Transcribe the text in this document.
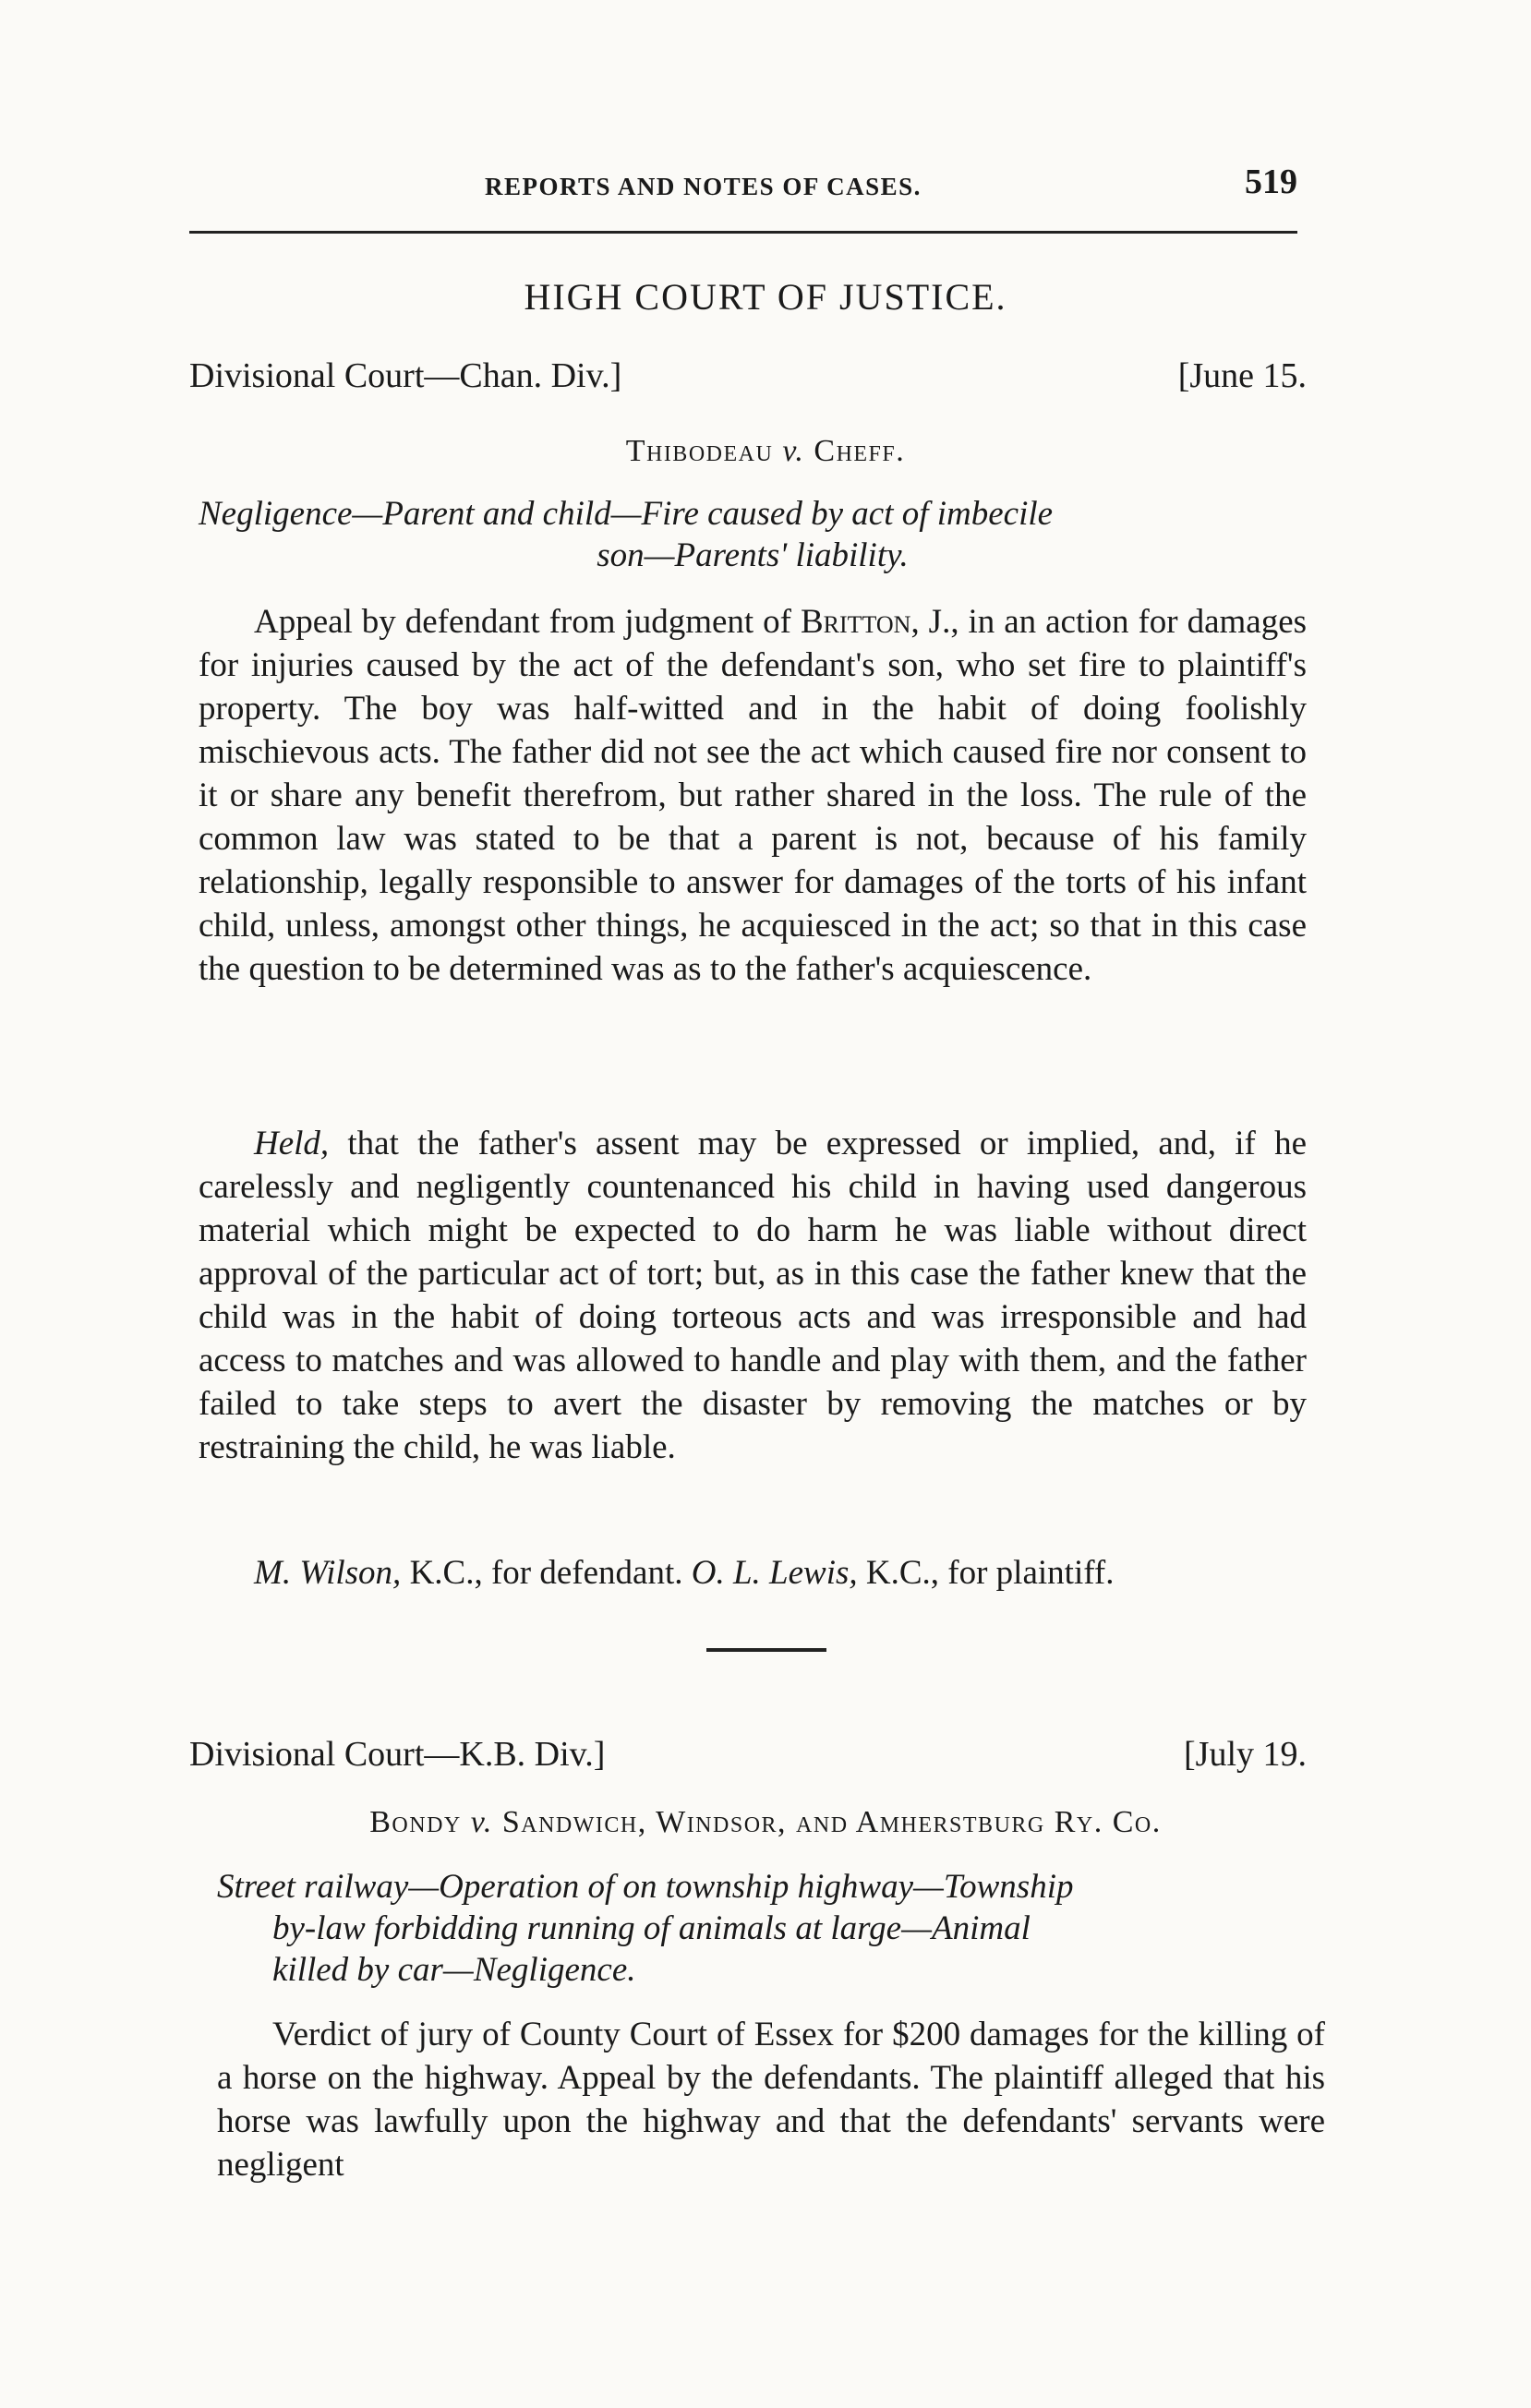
REPORTS AND NOTES OF CASES.	519
HIGH COURT OF JUSTICE.
Divisional Court—Chan. Div.]	[June 15.
Thibodeau v. Cheff.
Negligence—Parent and child—Fire caused by act of imbecile
son—Parents' liability.

Appeal by defendant from judgment of Britton, J., in an action for damages for injuries caused by the act of the defendant's son, who set fire to plaintiff's property. The boy was half-witted and in the habit of doing foolishly mischievous acts. The father did not see the act which caused fire nor consent to it or share any benefit therefrom, but rather shared in the loss. The rule of the common law was stated to be that a parent is not, because of his family relationship, legally responsible to answer for damages of the torts of his infant child, unless, amongst other things, he acquiesced in the act; so that in this case the question to be determined was as to the father's acquiescence.

Held, that the father's assent may be expressed or implied, and, if he carelessly and negligently countenanced his child in having used dangerous material which might be expected to do harm he was liable without direct approval of the particular act of tort; but, as in this case the father knew that the child was in the habit of doing torteous acts and was irresponsible and had access to matches and was allowed to handle and play with them, and the father failed to take steps to avert the disaster by removing the matches or by restraining the child, he was liable.

M. Wilson, K.C., for defendant. O. L. Lewis, K.C., for plaintiff.

Divisional Court—K.B. Div.]	[July 19.
Bondy v. Sandwich, Windsor, and Amherstburg Ry. Co.
Street railway—Operation of on township highway—Township
by-law forbidding running of animals at large—Animal
killed by car—Negligence.

Verdict of jury of County Court of Essex for $200 damages for the killing of a horse on the highway. Appeal by the defendants. The plaintiff alleged that his horse was lawfully upon the highway and that the defendants' servants were negligent
